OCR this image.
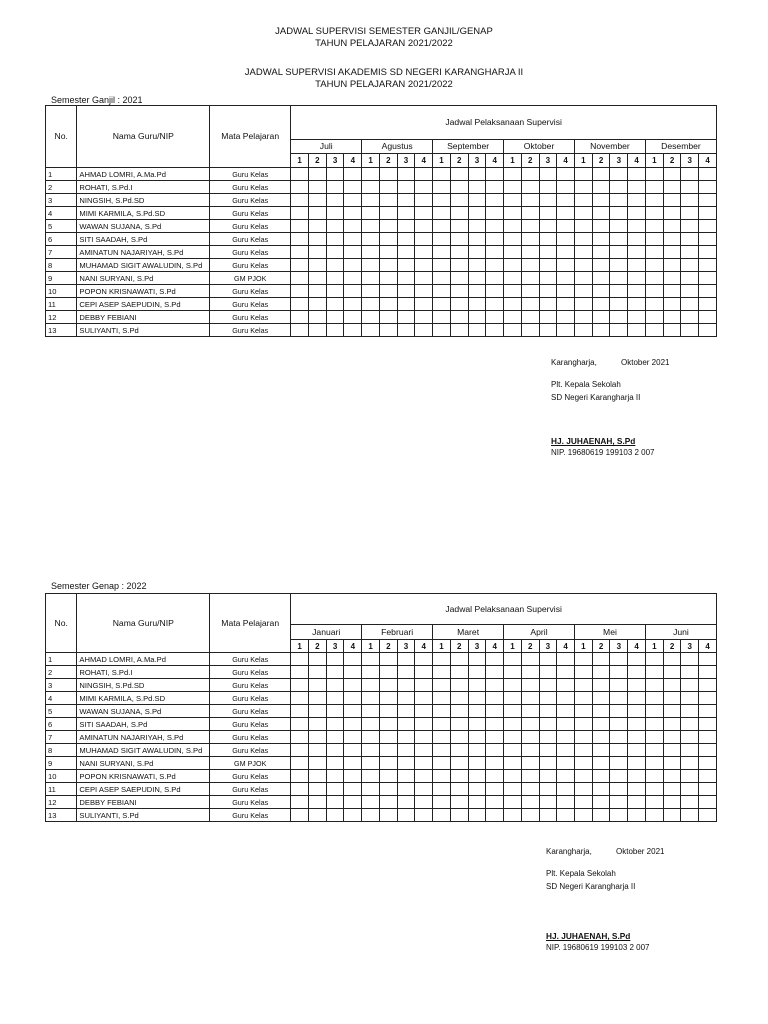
JADWAL SUPERVISI SEMESTER GANJIL/GENAP
TAHUN PELAJARAN 2021/2022
JADWAL SUPERVISI AKADEMIS SD NEGERI KARANGHARJA II
TAHUN PELAJARAN 2021/2022
Semester Ganjil : 2021
No.	Nama Guru/NIP	Mata Pelajaran	Jadwal Pelaksanaan Supervisi																							
			Juli				Agustus				September				Oktober				November				Desember			
			1	2	3	4	1	2	3	4	1	2	3	4	1	2	3	4	1	2	3	4	1	2	3	4
1	AHMAD LOMRI, A.Ma.Pd	Guru Kelas																								
2	ROHATI, S.Pd.I	Guru Kelas																								
3	NINGSIH, S.Pd.SD	Guru Kelas																								
4	MIMI KARMILA, S.Pd.SD	Guru Kelas																								
5	WAWAN SUJANA, S.Pd	Guru Kelas																								
6	SITI SAADAH, S.Pd	Guru Kelas																								
7	AMINATUN NAJARIYAH, S.Pd	Guru Kelas																								
8	MUHAMAD SIGIT AWALUDIN, S.Pd	Guru Kelas																								
9	NANI SURYANI, S.Pd	GM PJOK																								
10	POPON KRISNAWATI, S.Pd	Guru Kelas																								
11	CEPI ASEP SAEPUDIN, S.Pd	Guru Kelas																								
12	DEBBY FEBIANI	Guru Kelas																								
13	SULIYANTI, S.Pd	Guru Kelas																								
Karangharja,	Oktober 2021
Plt. Kepala Sekolah
SD Negeri Karangharja II
HJ. JUHAENAH, S.Pd
NIP. 19680619 199103 2 007
Semester Genap : 2022
No.	Nama Guru/NIP	Mata Pelajaran	Jadwal Pelaksanaan Supervisi																							
			Januari				Februari				Maret				April				Mei				Juni			
			1	2	3	4	1	2	3	4	1	2	3	4	1	2	3	4	1	2	3	4	1	2	3	4
1	AHMAD LOMRI, A.Ma.Pd	Guru Kelas																								
2	ROHATI, S.Pd.I	Guru Kelas																								
3	NINGSIH, S.Pd.SD	Guru Kelas																								
4	MIMI KARMILA, S.Pd.SD	Guru Kelas																								
5	WAWAN SUJANA, S.Pd	Guru Kelas																								
6	SITI SAADAH, S.Pd	Guru Kelas																								
7	AMINATUN NAJARIYAH, S.Pd	Guru Kelas																								
8	MUHAMAD SIGIT AWALUDIN, S.Pd	Guru Kelas																								
9	NANI SURYANI, S.Pd	GM PJOK																								
10	POPON KRISNAWATI, S.Pd	Guru Kelas																								
11	CEPI ASEP SAEPUDIN, S.Pd	Guru Kelas																								
12	DEBBY FEBIANI	Guru Kelas																								
13	SULIYANTI, S.Pd	Guru Kelas																								
Karangharja,	Oktober 2021
Plt. Kepala Sekolah
SD Negeri Karangharja II
HJ. JUHAENAH, S.Pd
NIP. 19680619 199103 2 007
